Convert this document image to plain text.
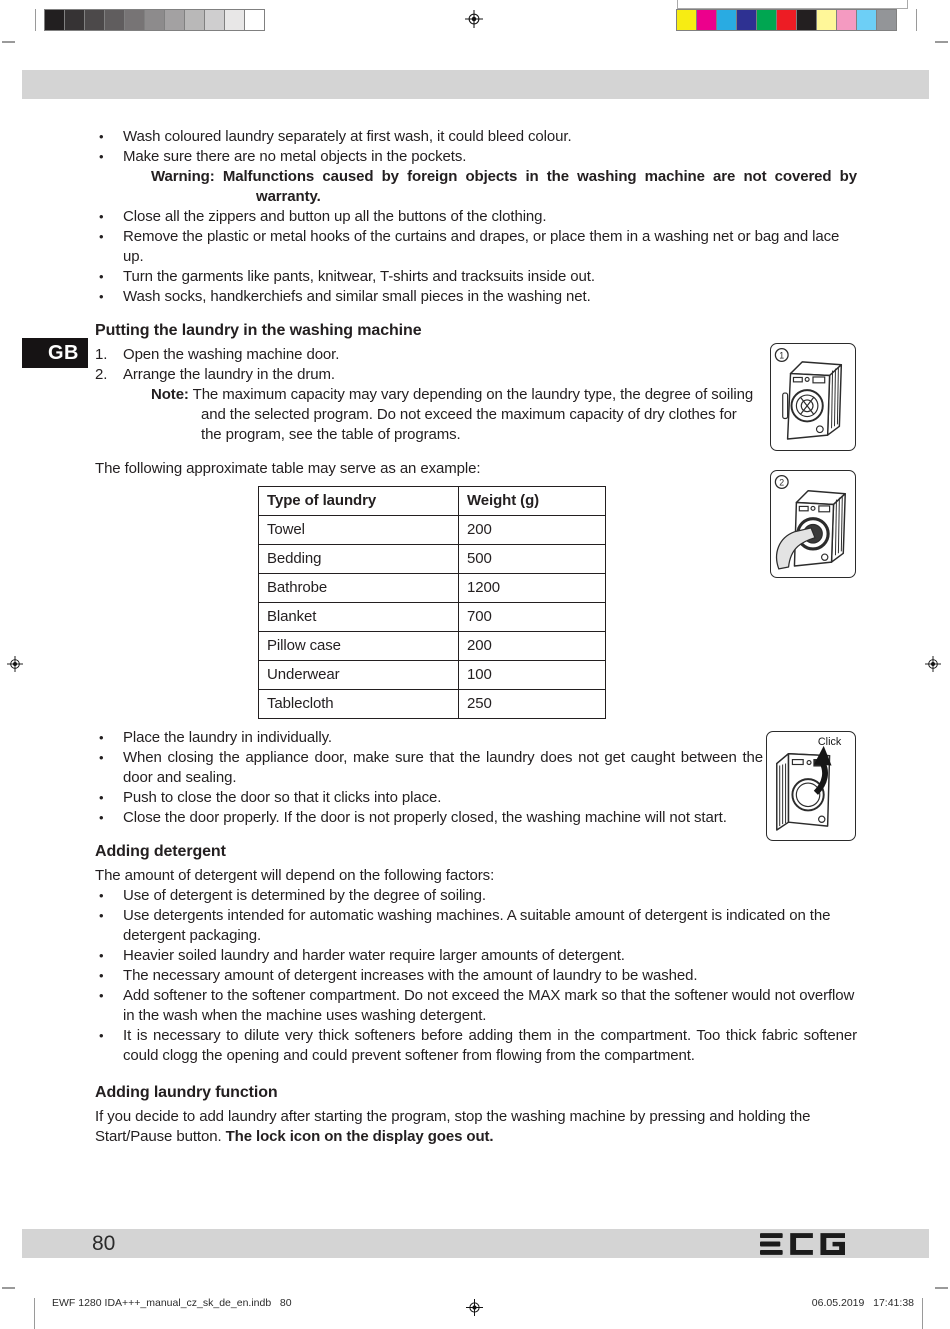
GB
• Wash coloured laundry separately at first wash, it could bleed colour.
• Make sure there are no metal objects in the pockets.
Warning: Malfunctions caused by foreign objects in the washing machine are not covered by warranty.
• Close all the zippers and button up all the buttons of the clothing.
• Remove the plastic or metal hooks of the curtains and drapes, or place them in a washing net or bag and lace up.
• Turn the garments like pants, knitwear, T-shirts and tracksuits inside out.
• Wash socks, handkerchiefs and similar small pieces in the washing net.
Putting the laundry in the washing machine
1. Open the washing machine door.
2. Arrange the laundry in the drum.
Note: The maximum capacity may vary depending on the laundry type, the degree of soiling and the selected program. Do not exceed the maximum capacity of dry clothes for the program, see the table of programs.
The following approximate table may serve as an example:
Type of laundry	Weight (g)
Towel	200
Bedding	500
Bathrobe	1200
Blanket	700
Pillow case	200
Underwear	100
Tablecloth	250
• Place the laundry in individually.
• When closing the appliance door, make sure that the laundry does not get caught between the door and sealing.
• Push to close the door so that it clicks into place.
• Close the door properly. If the door is not properly closed, the washing machine will not start.
Adding detergent
The amount of detergent will depend on the following factors:
• Use of detergent is determined by the degree of soiling.
• Use detergents intended for automatic washing machines. A suitable amount of detergent is indicated on the detergent packaging.
• Heavier soiled laundry and harder water require larger amounts of detergent.
• The necessary amount of detergent increases with the amount of laundry to be washed.
• Add softener to the softener compartment. Do not exceed the MAX mark so that the softener would not overflow in the wash when the machine uses washing detergent.
• It is necessary to dilute very thick softeners before adding them in the compartment. Too thick fabric softener could clogg the opening and could prevent softener from flowing from the compartment.
Adding laundry function
If you decide to add laundry after starting the program, stop the washing machine by pressing and holding the Start/Pause button. The lock icon on the display goes out.
1
2
Click
80
EWF 1280 IDA+++_manual_cz_sk_de_en.indb   80	06.05.2019 17:41:38
